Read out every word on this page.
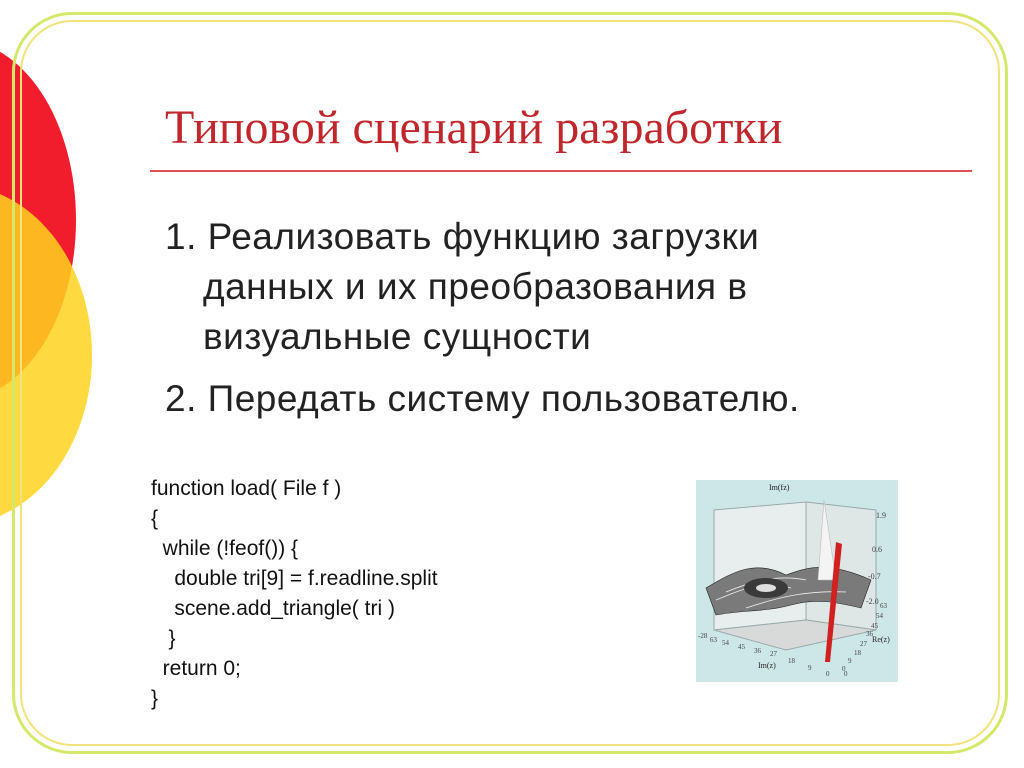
Типовой сценарий разработки
1. Реализовать функцию загрузки
данных и их преобразования в
визуальные сущности
2. Передать систему пользователю.
function load( File f )
{
while (!feof()) {
double tri[9] = f.readline.split
scene.add_triangle( tri )
}
return 0;
}
Im(fz)
1.9
0.6
-0.7
-2.0
Re(z)
Im(z)
-28 63 54 45 36 27
18
9
0 0
63
54
45
36
27
18
9
0
